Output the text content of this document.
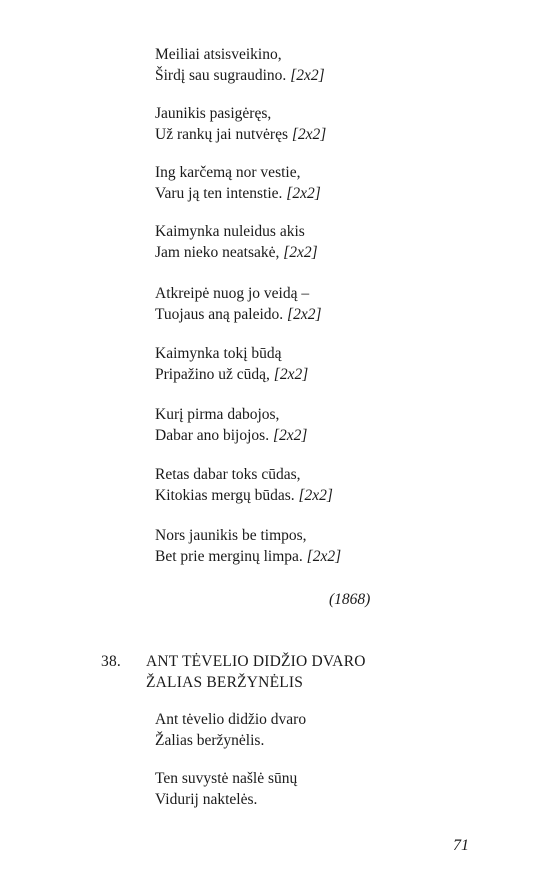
Meiliai atsisveikino,
Širdį sau sugraudino. [2x2]
Jaunikis pasigėręs,
Už rankų jai nutvėręs [2x2]
Ing karčemą nor vestie,
Varu ją ten intenstie. [2x2]
Kaimynka nuleidus akis
Jam nieko neatsakė, [2x2]
Atkreipė nuog jo veidą –
Tuojaus aną paleido. [2x2]
Kaimynka tokį būdą
Pripažino už cūdą, [2x2]
Kurį pirma dabojos,
Dabar ano bijojos. [2x2]
Retas dabar toks cūdas,
Kitokias mergų būdas. [2x2]
Nors jaunikis be timpos,
Bet prie merginų limpa. [2x2]
(1868)
38. ANT TĖVELIO DIDŽIO DVARO
ŽALIAS BERŽYNĖLIS
Ant tėvelio didžio dvaro
Žalias beržynėlis.
Ten suvystė našlė sūnų
Vidurij naktelės.
71
